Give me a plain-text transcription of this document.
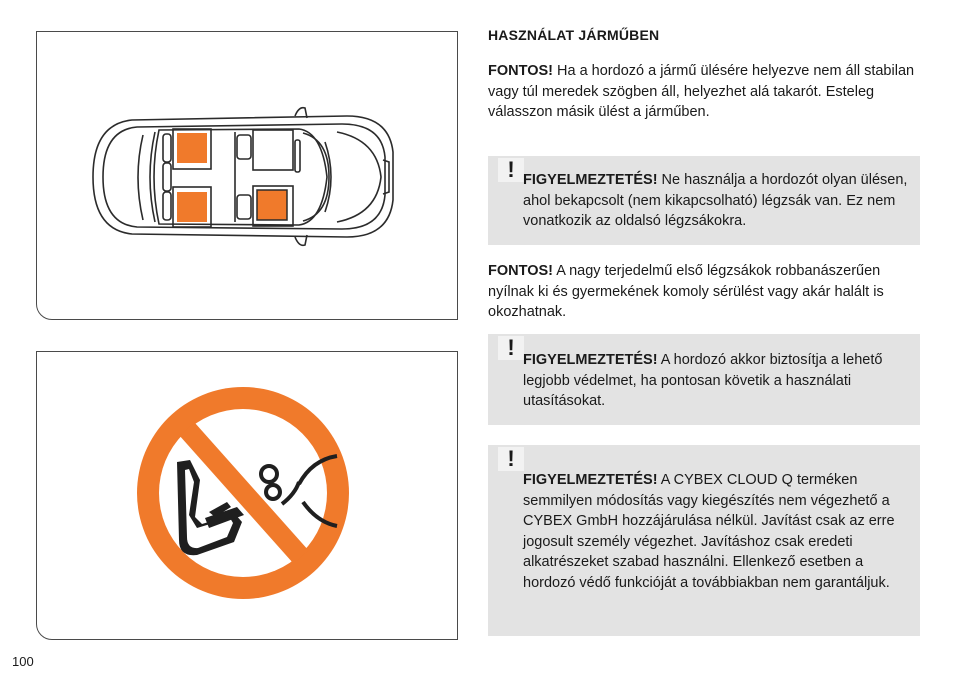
HASZNÁLAT JÁRMŰBEN
FONTOS! Ha a hordozó a jármű ülésére helyezve nem áll stabilan vagy túl meredek szögben áll, helyezhet alá takarót. Esteleg válasszon másik ülést a járműben.
! FIGYELMEZTETÉS! Ne használja a hordozót olyan ülésen, ahol bekapcsolt (nem kikapcsolható) légzsák van. Ez nem vonatkozik az oldalsó légzsákokra.
FONTOS! A nagy terjedelmű első légzsákok robbanászerűen nyílnak ki és gyermekének komoly sérülést vagy akár halált is okozhatnak.
! FIGYELMEZTETÉS! A hordozó akkor biztosítja a lehető legjobb védelmet, ha pontosan követik a használati utasításokat.
!
FIGYELMEZTETÉS! A CYBEX CLOUD Q terméken semmilyen módosítás vagy kiegészítés nem végezhető a CYBEX GmbH hozzájárulása nélkül. Javítást csak az erre jogosult személy végezhet. Javításhoz csak eredeti alkatrészeket szabad használni. Ellenkező esetben a hordozó védő funkcióját a továbbiakban nem garantáljuk.
100
